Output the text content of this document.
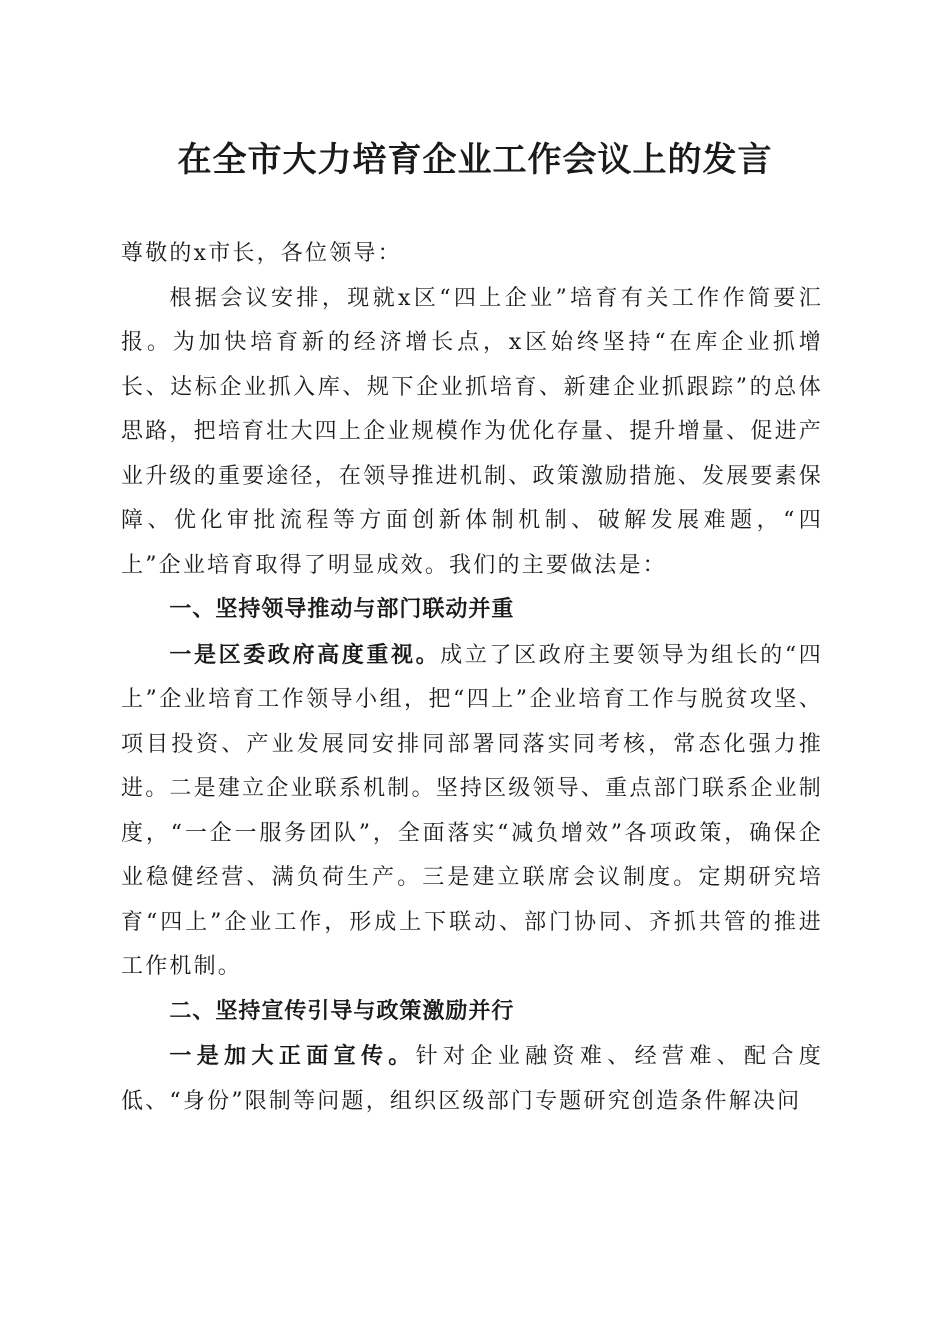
在全市大力培育企业工作会议上的发言

尊敬的x市长，各位领导：

根据会议安排，现就x区“四上企业”培育有关工作作简要汇报。为加快培育新的经济增长点，x区始终坚持“在库企业抓增长、达标企业抓入库、规下企业抓培育、新建企业抓跟踪”的总体思路，把培育壮大四上企业规模作为优化存量、提升增量、促进产业升级的重要途径，在领导推进机制、政策激励措施、发展要素保障、优化审批流程等方面创新体制机制、破解发展难题，“四上”企业培育取得了明显成效。我们的主要做法是：

一、坚持领导推动与部门联动并重

一是区委政府高度重视。成立了区政府主要领导为组长的“四上”企业培育工作领导小组，把“四上”企业培育工作与脱贫攻坚、项目投资、产业发展同安排同部署同落实同考核，常态化强力推进。二是建立企业联系机制。坚持区级领导、重点部门联系企业制度，“一企一服务团队”，全面落实“减负增效”各项政策，确保企业稳健经营、满负荷生产。三是建立联席会议制度。定期研究培育“四上”企业工作，形成上下联动、部门协同、齐抓共管的推进工作机制。

二、坚持宣传引导与政策激励并行

一是加大正面宣传。针对企业融资难、经营难、配合度低、“身份”限制等问题，组织区级部门专题研究创造条件解决问
